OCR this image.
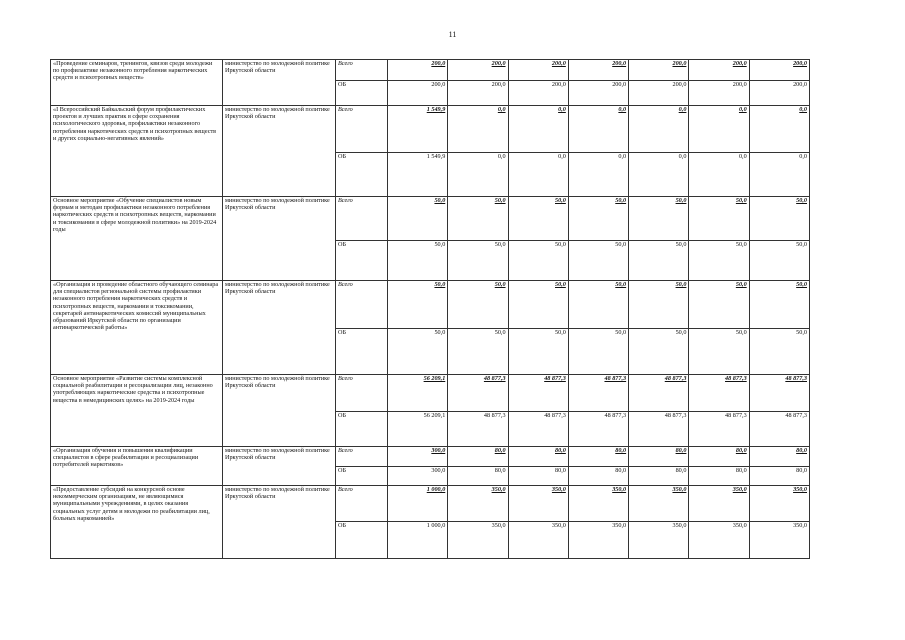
11
«Проведение семинаров, тренингов, квизов среди молодежи по профилактике незаконного потребления наркотических средств и психотропных веществ»	министерство по молодежной политике Иркутской области	Всего	200,0	200,0	200,0	200,0	200,0	200,0	200,0
		ОБ	200,0	200,0	200,0	200,0	200,0	200,0	200,0
«I Всероссийский Байкальский форум профилактических проектов и лучших практик в сфере сохранения психологического здоровья, профилактики незаконного потребления наркотических средств и психотропных веществ и других социально-негативных явлений»	министерство по молодежной политике Иркутской области	Всего	1 549,9	0,0	0,0	0,0	0,0	0,0	0,0
		ОБ	1 549,9	0,0	0,0	0,0	0,0	0,0	0,0
Основное мероприятие «Обучение специалистов новым формам и методам профилактики незаконного потребления наркотических средств и психотропных веществ, наркомании и токсикомании в сфере молодежной политики» на 2019-2024 годы	министерство по молодежной политике Иркутской области	Всего	50,0	50,0	50,0	50,0	50,0	50,0	50,0
		ОБ	50,0	50,0	50,0	50,0	50,0	50,0	50,0
«Организация и проведение областного обучающего семинара для специалистов региональной системы профилактики незаконного потребления наркотических средств и психотропных веществ, наркомании и токсикомании, секретарей антинаркотических комиссий муниципальных образований Иркутской области по организации антинаркотической работы»	министерство по молодежной политике Иркутской области	Всего	50,0	50,0	50,0	50,0	50,0	50,0	50,0
		ОБ	50,0	50,0	50,0	50,0	50,0	50,0	50,0
Основное мероприятие «Развитие системы комплексной социальной реабилитации и ресоциализации лиц, незаконно употребляющих наркотические средства и психотропные вещества в немедицинских целях» на 2019-2024 годы	министерство по молодежной политике Иркутской области	Всего	56 209,1	48 877,3	48 877,3	48 877,3	48 877,3	48 877,3	48 877,3
		ОБ	56 209,1	48 877,3	48 877,3	48 877,3	48 877,3	48 877,3	48 877,3
«Организация обучения и повышения квалификации специалистов в сфере реабилитации и ресоциализации потребителей наркотиков»	министерство по молодежной политике Иркутской области	Всего	300,0	80,0	80,0	80,0	80,0	80,0	80,0
		ОБ	300,0	80,0	80,0	80,0	80,0	80,0	80,0
«Предоставление субсидий на конкурсной основе некоммерческим организациям, не являющимися муниципальными учреждениями, в целях оказания социальных услуг детям и молодежи по реабилитации лиц, больных наркоманией»	министерство по молодежной политике Иркутской области	Всего	1 000,0	350,0	350,0	350,0	350,0	350,0	350,0
		ОБ	1 000,0	350,0	350,0	350,0	350,0	350,0	350,0
